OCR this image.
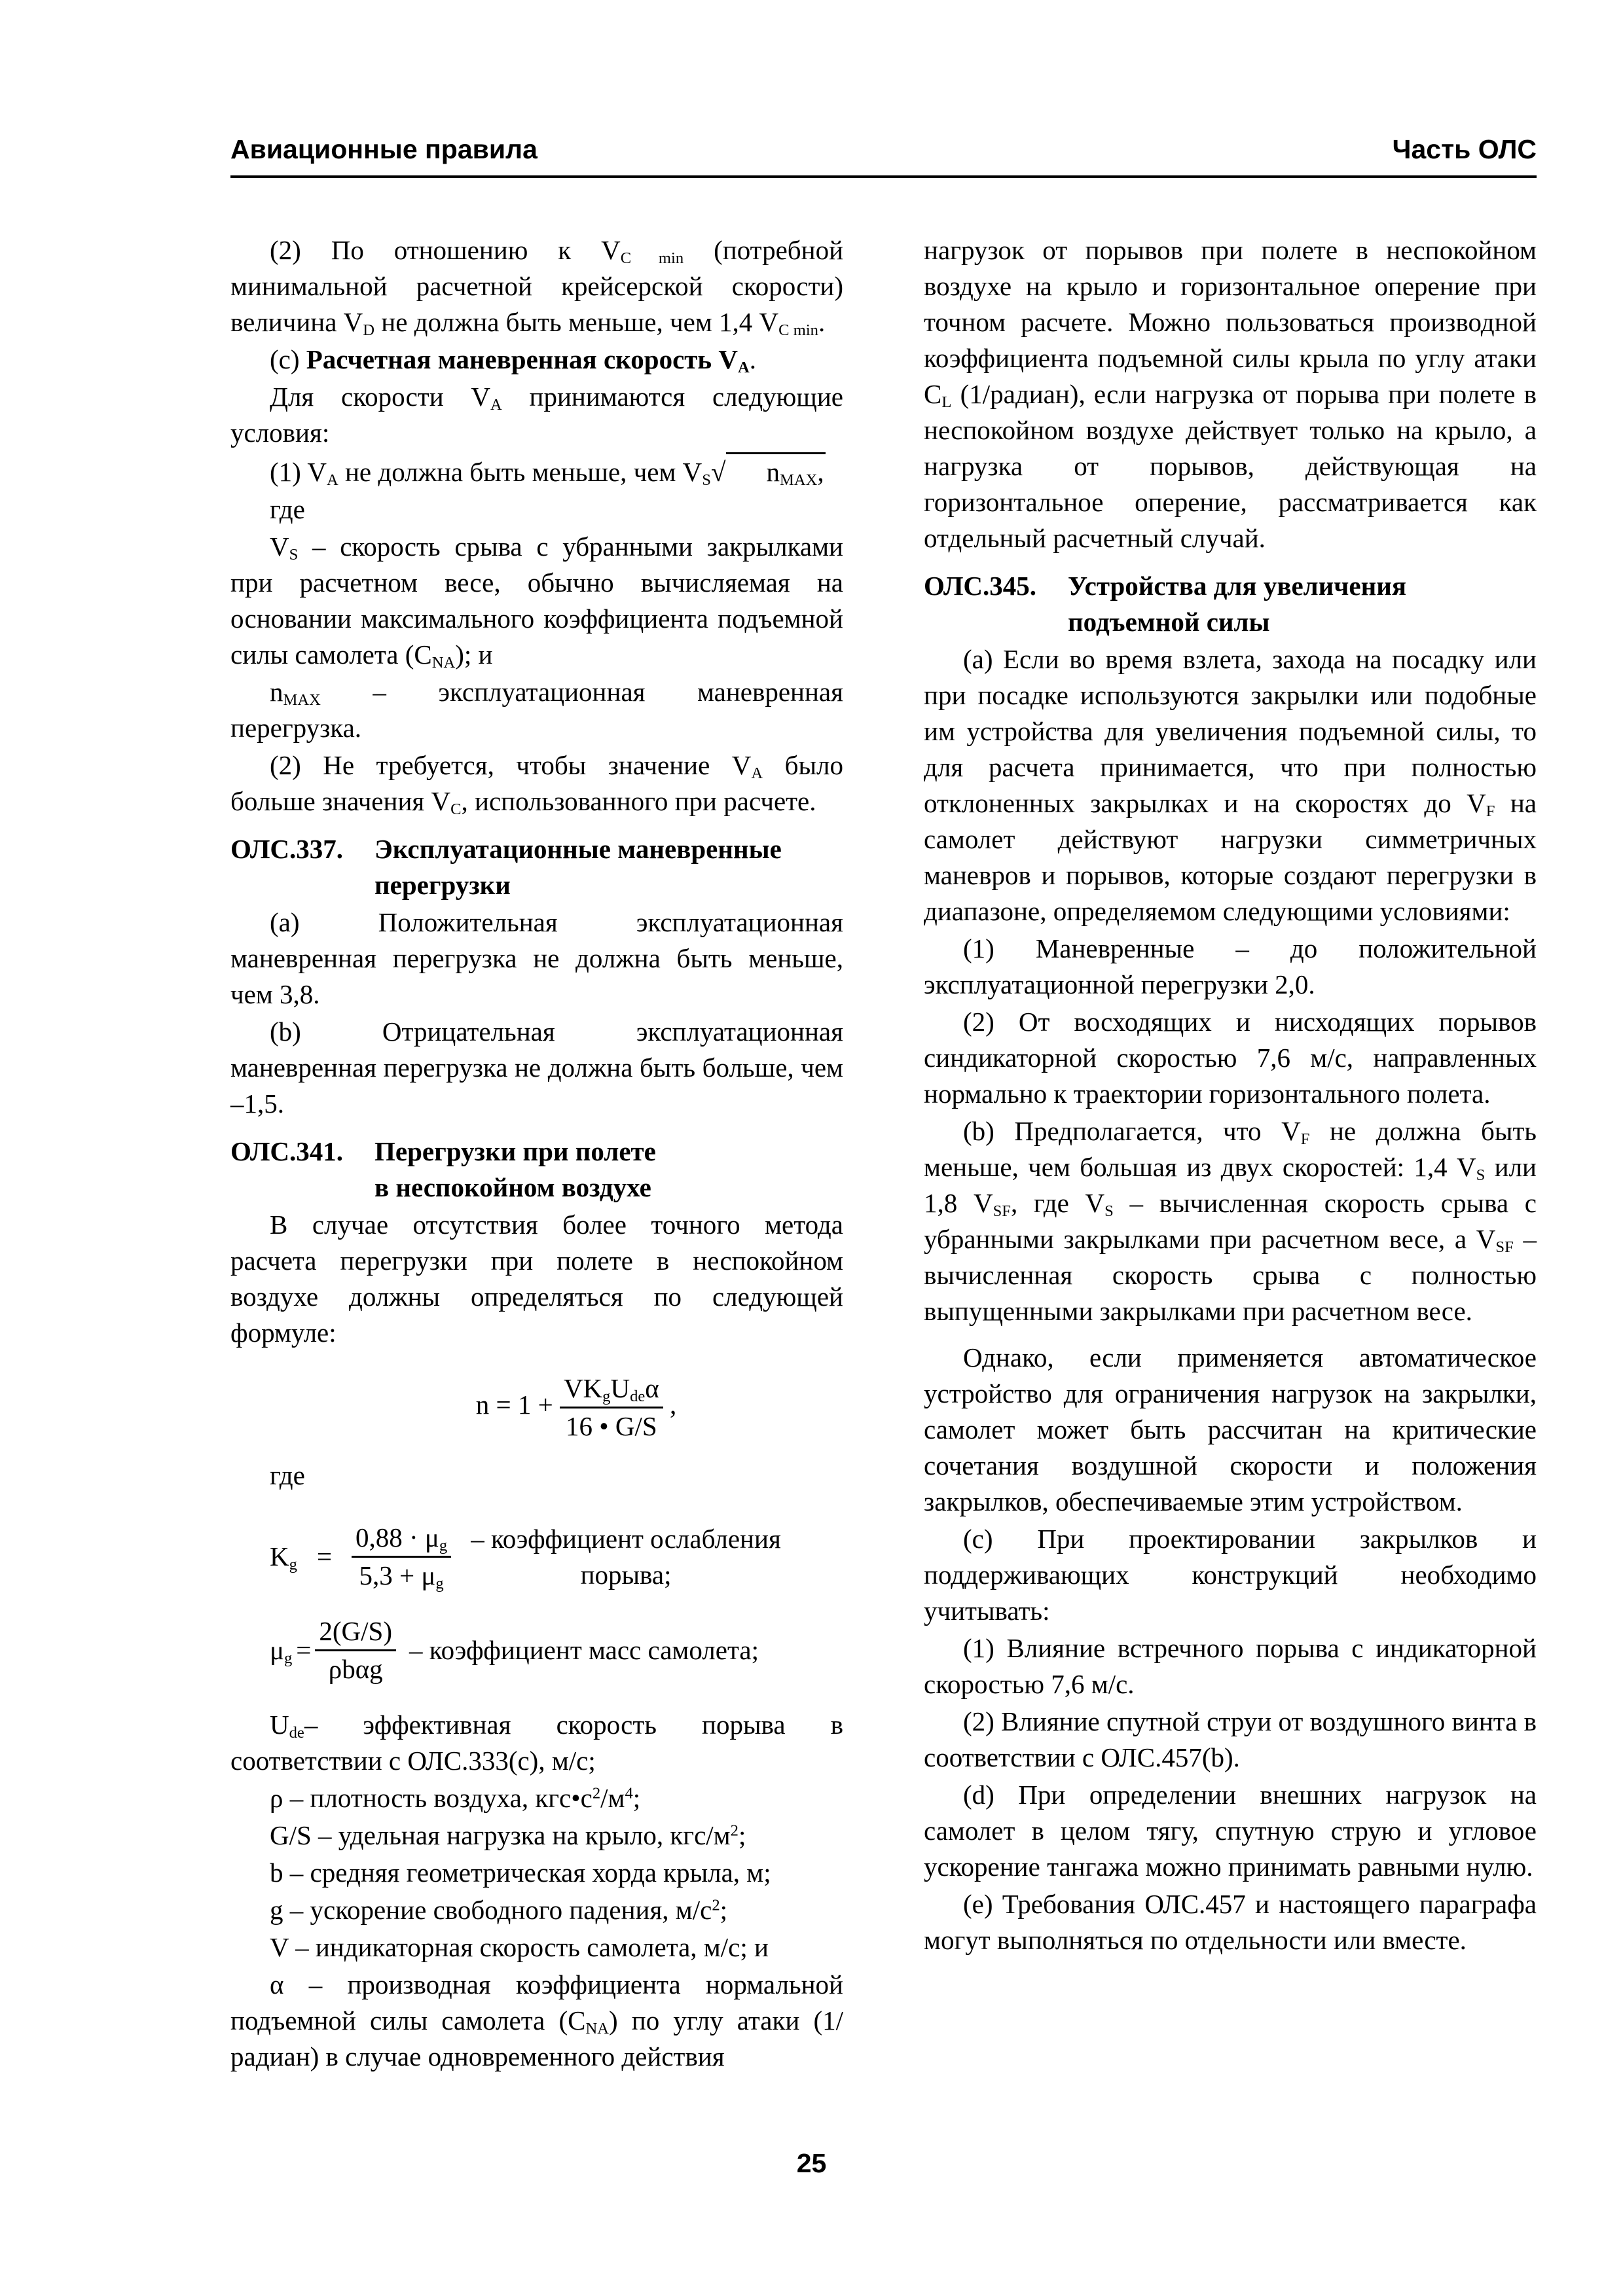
Авиационные правила	Часть ОЛС

(2) По отношению к $V_{C min}$ (потребной минимальной расчетной крейсерской скорости) величина $V_D$ не должна быть меньше, чем 1,4 $V_{C min}$.

(c) Расчетная маневренная скорость $V_A$.

Для скорости $V_A$ принимаются следующие условия:

(1) $V_A$ не должна быть меньше, чем $V_S√$ $n_{MAX}$,

где

$V_S$ – скорость срыва с убранными закрылками при расчетном весе, обычно вычисляемая на основании максимального коэффициента подъемной силы самолета $(C_{NA})$; и

$n_{MAX}$ – эксплуатационная маневренная перегрузка.

(2) Не требуется, чтобы значение $V_A$ было больше значения $V_C$, использованного при расчете.

ОЛС.337. Эксплуатационные маневренные
перегрузки

(a) Положительная эксплуатационная маневренная перегрузка не должна быть меньше, чем 3,8.

(b) Отрицательная эксплуатационная маневренная перегрузка не должна быть больше, чем –1,5.

ОЛС.341. Перегрузки при полете
в неспокойном воздухе

В случае отсутствия более точного метода расчета перегрузки при полете в неспокойном воздухе должны определяться по следующей формуле:

$n = 1 + \frac{VK_gU_{de}\alpha}{16 • G/S}$ ,

где

$K_g = \frac{0,88 \cdot \mu_g}{5,3 + \mu_g}$ – коэффициент ослабления
порыва;
$\mu_g = \frac{2(G/S)}{\text{ρbαg}}$ – коэффициент масс самолета;

$U_{de}-$ эффективная скорость порыва в соответствии с ОЛС.333(c), м/с;

ρ – плотность воздуха, $кгс•с^2/м^4$;

G/S – удельная нагрузка на крыло, кгс/$м^2$;

b – средняя геометрическая хорда крыла, м;

g – ускорение свободного падения, $м/с^2$;

V – индикаторная скорость самолета, м/с; и

α – производная коэффициента нормальной подъемной силы самолета $(C_{NA})$ по углу атаки (1/радиан) в случае одновременного действия

нагрузок от порывов при полете в неспокойном воздухе на крыло и горизонтальное оперение при точном расчете. Можно пользоваться производной коэффициента подъемной силы крыла по углу атаки $C_L$ (1/радиан), если нагрузка от порыва при полете в неспокойном воздухе действует только на крыло, а нагрузка от порывов, действующая на горизонтальное оперение, рассматривается как отдельный расчетный случай.

ОЛС.345. Устройства для увеличения
подъемной силы

(a) Если во время взлета, захода на посадку или при посадке используются закрылки или подобные им устройства для увеличения подъемной силы, то для расчета принимается, что при полностью отклоненных закрылках и на скоростях до $V_F$ на самолет действуют нагрузки симметричных маневров и порывов, которые создают перегрузки в диапазоне, определяемом следующими условиями:

(1) Маневренные – до положительной эксплуатационной перегрузки 2,0.

(2) От восходящих и нисходящих порывов синдикаторной скоростью 7,6 м/с, направленных нормально к траектории горизонтального полета.

(b) Предполагается, что $V_F$ не должна быть меньше, чем большая из двух скоростей: 1,4 $V_S$ или 1,8 $V_{SF}$, где $V_S$ – вычисленная скорость срыва с убранными закрылками при расчетном весе, а $V_{SF}$ – вычисленная скорость срыва с полностью выпущенными закрылками при расчетном весе.

Однако, если применяется автоматическое устройство для ограничения нагрузок на закрылки, самолет может быть рассчитан на критические сочетания воздушной скорости и положения закрылков, обеспечиваемые этим устройством.

(c) При проектировании закрылков и поддерживающих конструкций необходимо учитывать:

(1) Влияние встречного порыва с индикаторной скоростью 7,6 м/с.

(2) Влияние спутной струи от воздушного винта в соответствии с ОЛС.457(b).

(d) При определении внешних нагрузок на самолет в целом тягу, спутную струю и угловое ускорение тангажа можно принимать равными нулю.

(e) Требования ОЛС.457 и настоящего параграфа могут выполняться по отдельности или вместе.

25
